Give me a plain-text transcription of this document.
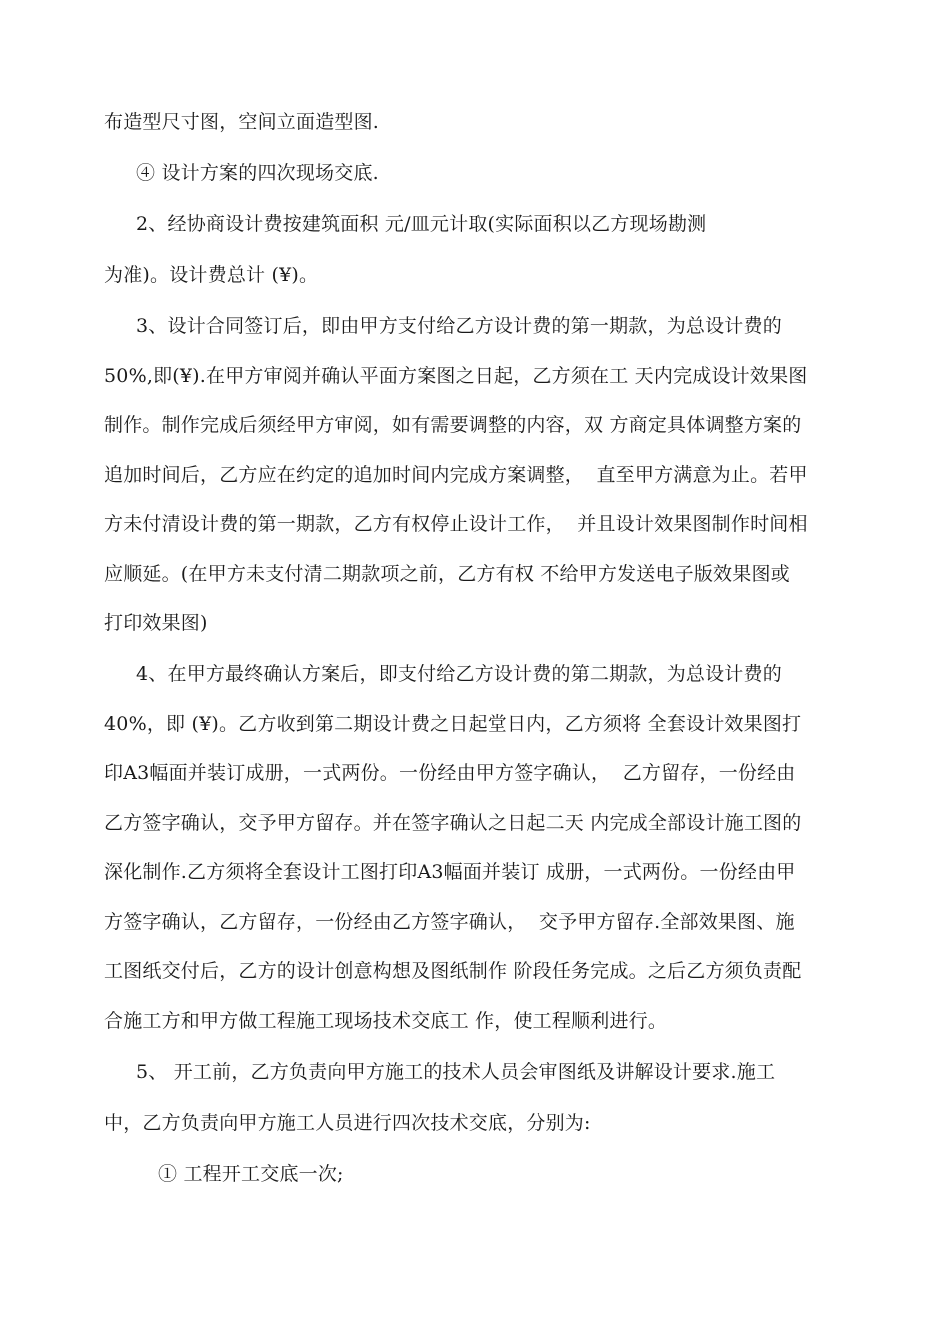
布造型尺寸图，空间立面造型图.
④ 设计方案的四次现场交底.
2、经协商设计费按建筑面积 元/皿元计取(实际面积以乙方现场勘测
为准)。设计费总计 (¥)。
3、设计合同签订后，即由甲方支付给乙方设计费的第一期款，为总设计费的
50%,即(¥).在甲方审阅并确认平面方案图之日起，乙方须在工 天内完成设计效果图
制作。制作完成后须经甲方审阅，如有需要调整的内容，双 方商定具体调整方案的
追加时间后，乙方应在约定的追加时间内完成方案调整，  直至甲方满意为止。若甲
方未付清设计费的第一期款，乙方有权停止设计工作，  并且设计效果图制作时间相
应顺延。(在甲方未支付清二期款项之前，乙方有权 不给甲方发送电子版效果图或
打印效果图)
4、在甲方最终确认方案后，即支付给乙方设计费的第二期款，为总设计费的
40%，即 (¥)。乙方收到第二期设计费之日起堂日内，乙方须将 全套设计效果图打
印A3幅面并装订成册，一式两份。一份经由甲方签字确认，  乙方留存，一份经由
乙方签字确认，交予甲方留存。并在签字确认之日起二天 内完成全部设计施工图的
深化制作.乙方须将全套设计工图打印A3幅面并装订 成册，一式两份。一份经由甲
方签字确认，乙方留存，一份经由乙方签字确认，  交予甲方留存.全部效果图、施
工图纸交付后，乙方的设计创意构想及图纸制作 阶段任务完成。之后乙方须负责配
合施工方和甲方做工程施工现场技术交底工 作，使工程顺利进行。
5、 开工前，乙方负责向甲方施工的技术人员会审图纸及讲解设计要求.施工
中，乙方负责向甲方施工人员进行四次技术交底，分别为:
① 工程开工交底一次;
